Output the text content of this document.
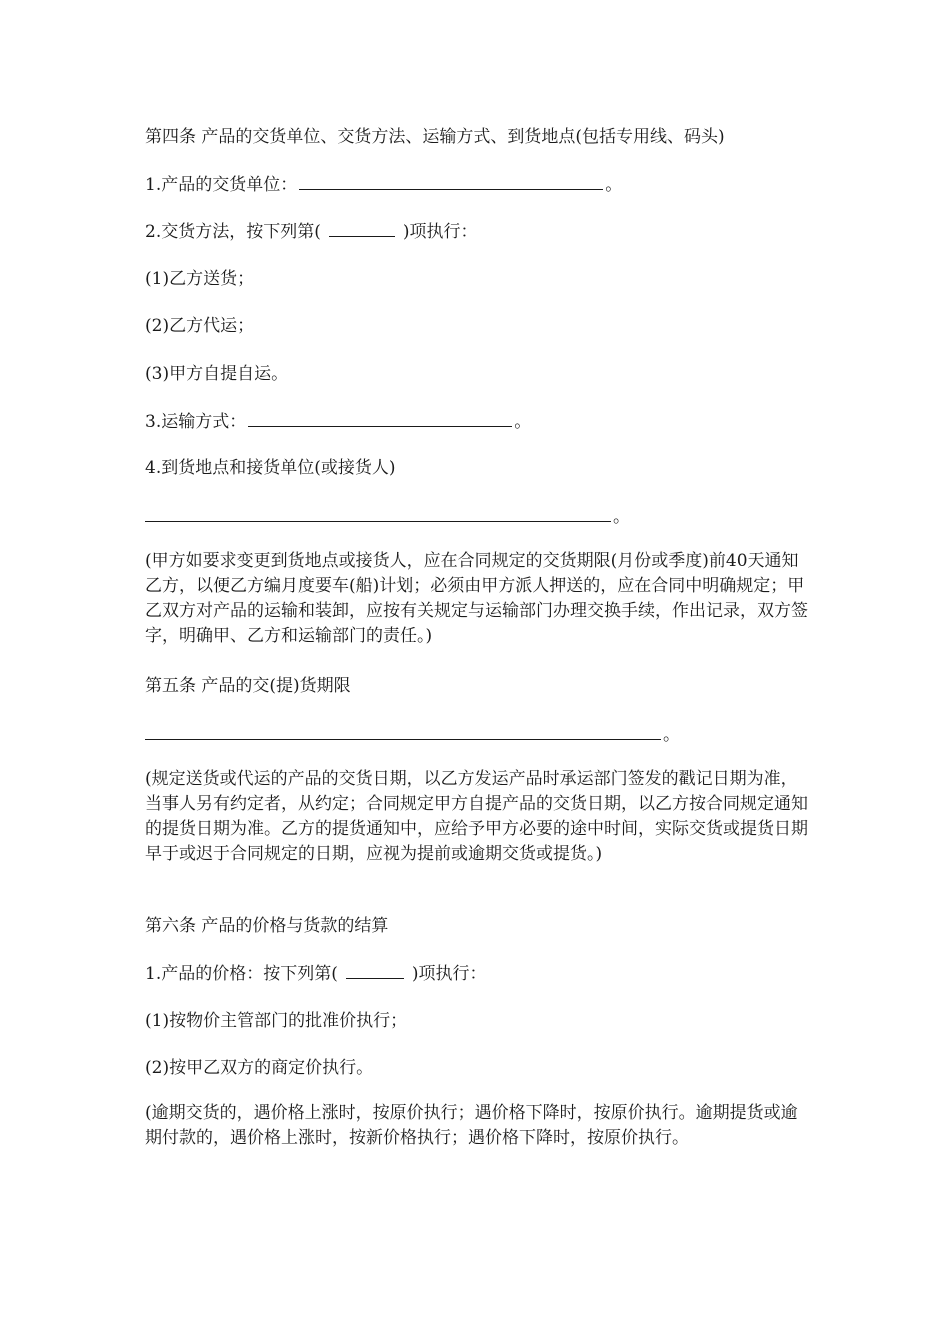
第四条 产品的交货单位、交货方法、运输方式、到货地点(包括专用线、码头)

1.产品的交货单位：	。

2.交货方法，按下列第(	)项执行：

(1)乙方送货；

(2)乙方代运；

(3)甲方自提自运。

3.运输方式：	。

4.到货地点和接货单位(或接货人)

。

(甲方如要求变更到货地点或接货人，应在合同规定的交货期限(月份或季度)前40天通知乙方，以便乙方编月度要车(船)计划；必须由甲方派人押送的，应在合同中明确规定；甲乙双方对产品的运输和装卸，应按有关规定与运输部门办理交换手续，作出记录，双方签字，明确甲、乙方和运输部门的责任。)

第五条 产品的交(提)货期限

。

(规定送货或代运的产品的交货日期，以乙方发运产品时承运部门签发的戳记日期为准，当事人另有约定者，从约定；合同规定甲方自提产品的交货日期，以乙方按合同规定通知的提货日期为准。乙方的提货通知中，应给予甲方必要的途中时间，实际交货或提货日期早于或迟于合同规定的日期，应视为提前或逾期交货或提货。)

第六条 产品的价格与货款的结算

1.产品的价格：按下列第(	)项执行：

(1)按物价主管部门的批准价执行；

(2)按甲乙双方的商定价执行。

(逾期交货的，遇价格上涨时，按原价执行；遇价格下降时，按原价执行。逾期提货或逾期付款的，遇价格上涨时，按新价格执行；遇价格下降时，按原价执行。
